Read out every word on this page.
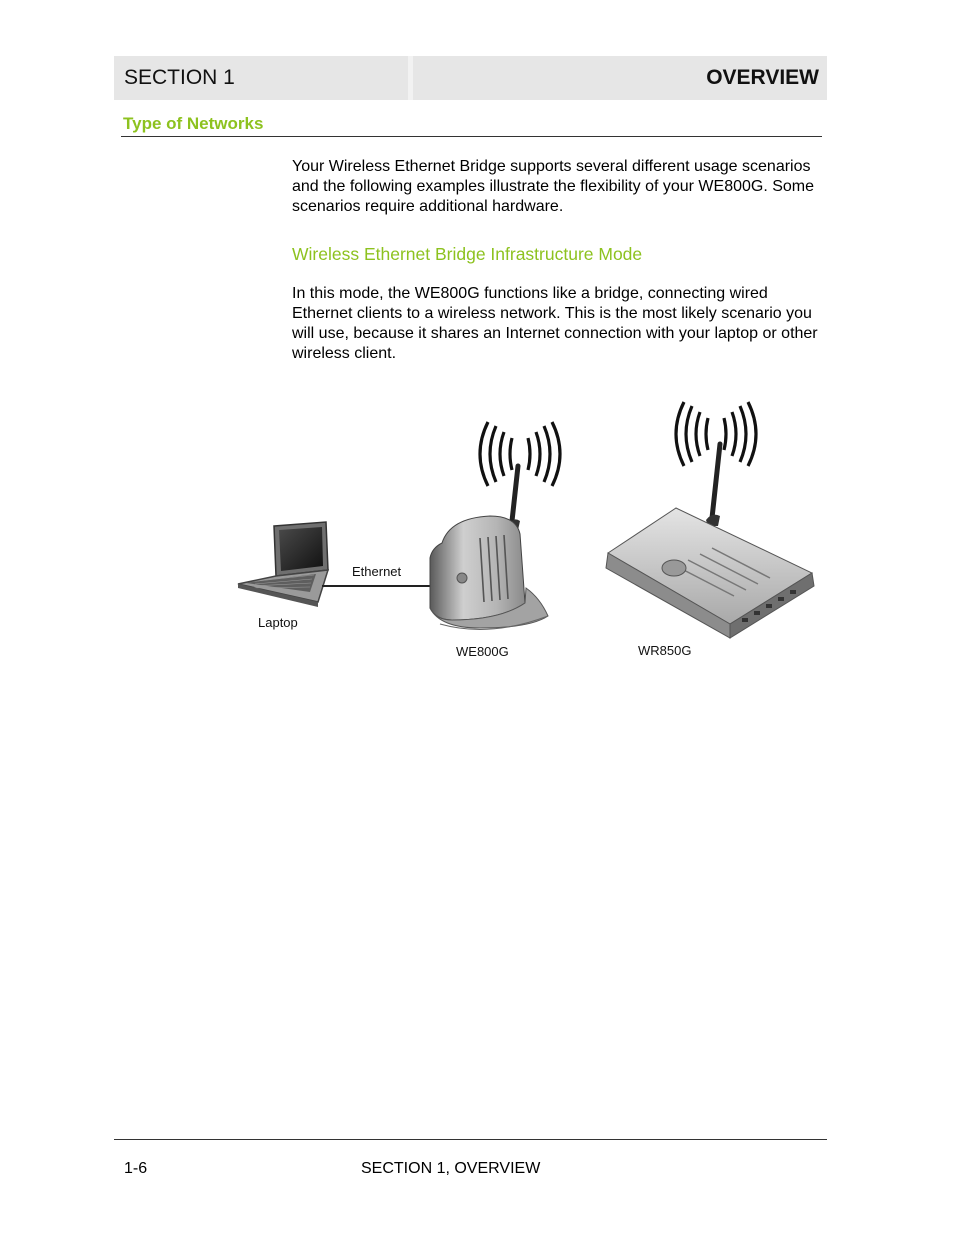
SECTION 1	OVERVIEW
Type of Networks
Your Wireless Ethernet Bridge supports several different usage scenarios and the following examples illustrate the flexibility of your WE800G. Some scenarios require additional hardware.
Wireless Ethernet Bridge Infrastructure Mode
In this mode, the WE800G functions like a bridge, connecting wired Ethernet clients to a wireless network. This is the most likely scenario you will use, because it shares an Internet connection with your laptop or other wireless client.
Ethernet
Laptop
WE800G	WR850G
1-6	SECTION 1, OVERVIEW
